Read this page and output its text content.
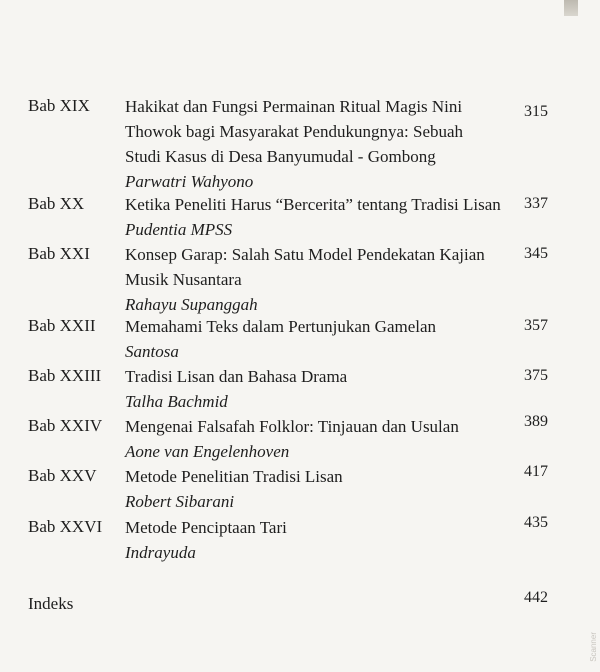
Bab XIX Hakikat dan Fungsi Permainan Ritual Magis Nini
Thowok bagi Masyarakat Pendukungnya: Sebuah
Studi Kasus di Desa Banyumudal - Gombong
Parwatri Wahyono
315
Bab XX Ketika Peneliti Harus “Bercerita” tentang Tradisi Lisan
Pudentia MPSS
337
Bab XXI Konsep Garap: Salah Satu Model Pendekatan Kajian
Musik Nusantara
Rahayu Supanggah
345
Bab XXII Memahami Teks dalam Pertunjukan Gamelan
Santosa
357
Bab XXIII Tradisi Lisan dan Bahasa Drama
Talha Bachmid
375
Bab XXIV Mengenai Falsafah Folklor: Tinjauan dan Usulan
Aone van Engelenhoven
389
Bab XXV Metode Penelitian Tradisi Lisan
Robert Sibarani
417
Bab XXVI Metode Penciptaan Tari
Indrayuda
435
Indeks	442
Scanner
